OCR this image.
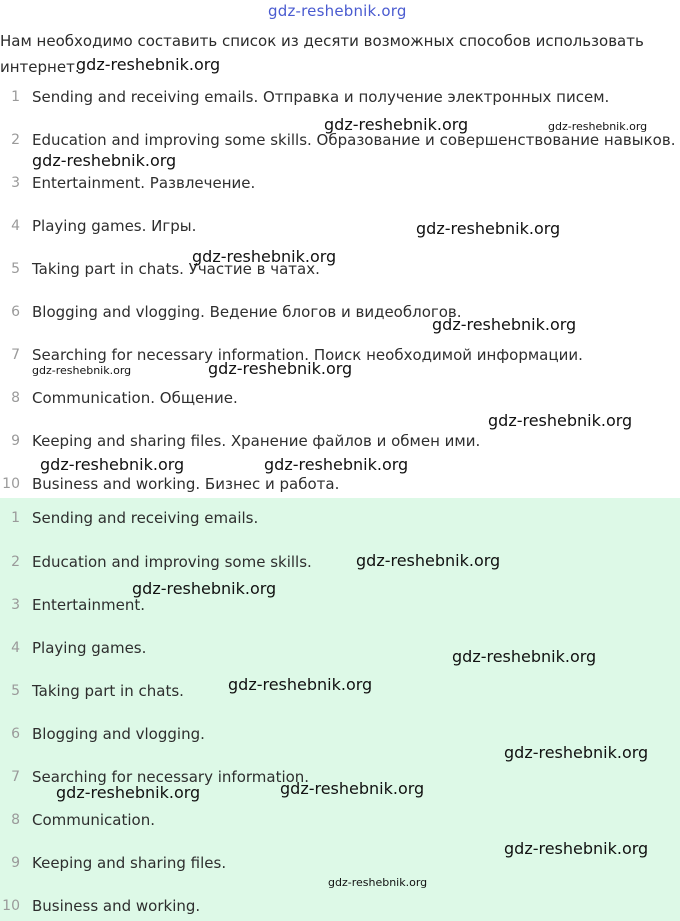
gdz-reshebnik.org
Нам необходимо составить список из десяти возможных способов использовать интернет.
1 Sending and receiving emails. Отправка и получение электронных писем.
2 Education and improving some skills. Образование и совершенствование навыков.
3 Entertainment. Развлечение.
4 Playing games. Игры.
5 Taking part in chats. Участие в чатах.
6 Blogging and vlogging. Ведение блогов и видеоблогов.
7 Searching for necessary information. Поиск необходимой информации.
8 Communication. Общение.
9 Keeping and sharing files. Хранение файлов и обмен ими.
10 Business and working. Бизнес и работа.
1 Sending and receiving emails.
2 Education and improving some skills.
3 Entertainment.
4 Playing games.
5 Taking part in chats.
6 Blogging and vlogging.
7 Searching for necessary information.
8 Communication.
9 Keeping and sharing files.
10 Business and working.
gdz-reshebnik.org
gdz-reshebnik.org	gdz-reshebnik.org
gdz-reshebnik.org
gdz-reshebnik.org
gdz-reshebnik.org
gdz-reshebnik.org
gdz-reshebnik.org	gdz-reshebnik.org
gdz-reshebnik.org
gdz-reshebnik.org	gdz-reshebnik.org
gdz-reshebnik.org
gdz-reshebnik.org
gdz-reshebnik.org
gdz-reshebnik.org
gdz-reshebnik.org
gdz-reshebnik.org	gdz-reshebnik.org
gdz-reshebnik.org
gdz-reshebnik.org
